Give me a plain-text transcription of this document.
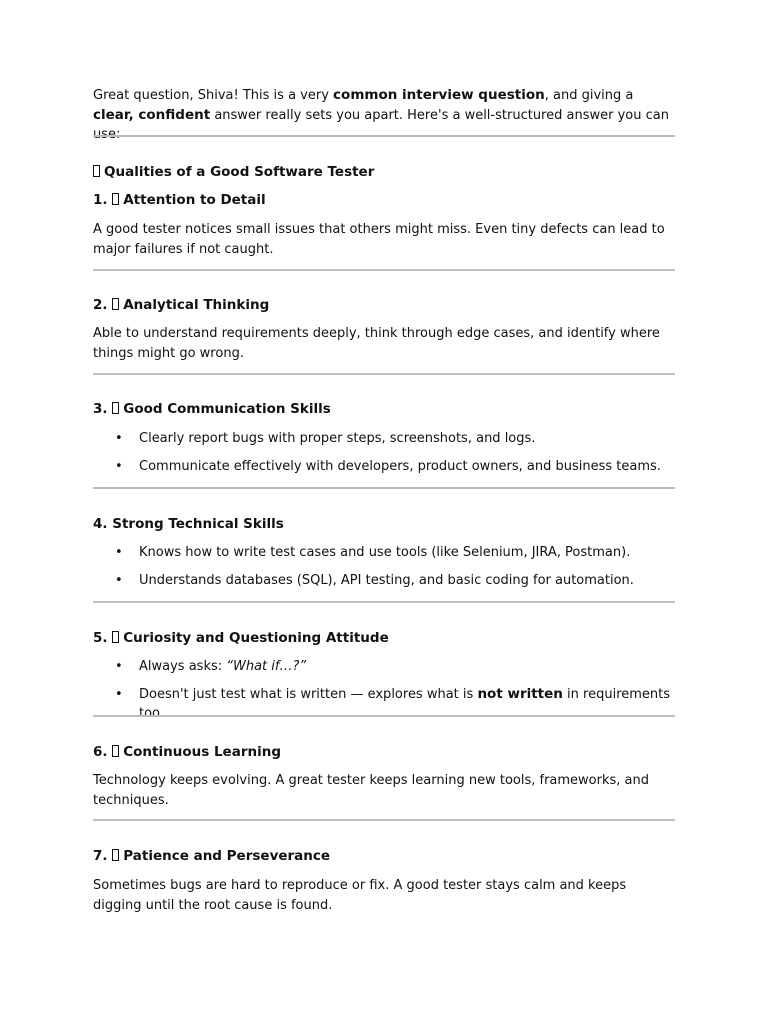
Great question, Shiva! This is a very common interview question, and giving a clear, confident answer really sets you apart. Here's a well-structured answer you can use:

Qualities of a Good Software Tester

1. Attention to Detail

A good tester notices small issues that others might miss. Even tiny defects can lead to major failures if not caught.

2. Analytical Thinking

Able to understand requirements deeply, think through edge cases, and identify where things might go wrong.

3. Good Communication Skills

• Clearly report bugs with proper steps, screenshots, and logs.
• Communicate effectively with developers, product owners, and business teams.

4. Strong Technical Skills

• Knows how to write test cases and use tools (like Selenium, JIRA, Postman).
• Understands databases (SQL), API testing, and basic coding for automation.

5. Curiosity and Questioning Attitude

• Always asks: “What if…?”
• Doesn't just test what is written — explores what is not written in requirements too.

6. Continuous Learning

Technology keeps evolving. A great tester keeps learning new tools, frameworks, and techniques.

7. Patience and Perseverance

Sometimes bugs are hard to reproduce or fix. A good tester stays calm and keeps digging until the root cause is found.
